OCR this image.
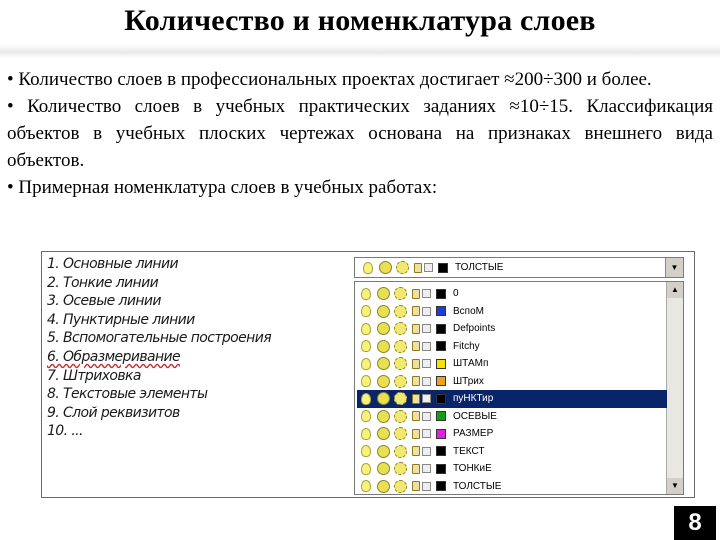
Количество и номенклатура слоев

• Количество слоев в профессиональных проектах достигает ≈200÷300 и более.

• Количество слоев в учебных практических заданиях ≈10÷15. Классификация объектов в учебных плоских чертежах основана на признаках внешнего вида объектов.

• Примерная номенклатура слоев в учебных работах:

1. Основные линии
2. Тонкие линии
3. Осевые линии
4. Пунктирные линии
5. Вспомогательные построения
6. Образмеривание
7. Штриховка
8. Текстовые элементы
9. Слой реквизитов
10. ...
ТОЛСТЫЕ	▼
▲
▼
0
ВспоМ
Defpoints
Fitchy
ШТАМп
ШТрих
пуНКТир
ОСЕВЫЕ
РАЗМЕР
ТЕКСТ
ТОНКиЕ
ТОЛСТЫЕ
8
